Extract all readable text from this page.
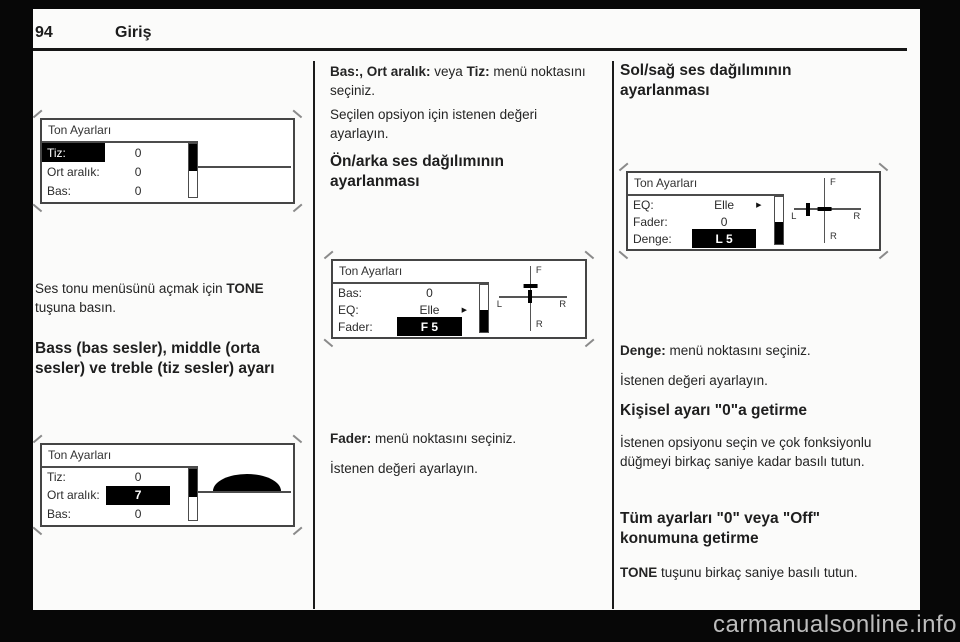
94	Giriş
Ton Ayarları
Tiz:	0
Ort aralık:	0
Bas:	0

Ses tonu menüsünü açmak için TONE tuşuna basın.

Bass (bas sesler), middle (orta sesler) ve treble (tiz sesler) ayarı

Ton Ayarları
Tiz:	0
Ort aralık:	7
Bas:	0

Bas:, Ort aralık: veya Tiz: menü noktasını seçiniz.

Seçilen opsiyon için istenen değeri ayarlayın.

Ön/arka ses dağılımının ayarlanması

Ton Ayarları
Bas:	0
EQ:	Elle	▶
Fader:	F 5
F
L	R
R

Fader: menü noktasını seçiniz.

İstenen değeri ayarlayın.

Sol/sağ ses dağılımının ayarlanması

Ton Ayarları
EQ:	Elle	▶
Fader:	0
Denge:	L 5
F
L	R
R

Denge: menü noktasını seçiniz.

İstenen değeri ayarlayın.

Kişisel ayarı "0"a getirme

İstenen opsiyonu seçin ve çok fonksiyonlu düğmeyi birkaç saniye kadar basılı tutun.

Tüm ayarları "0" veya "Off" konumuna getirme

TONE tuşunu birkaç saniye basılı tutun.

carmanualsonline.info
